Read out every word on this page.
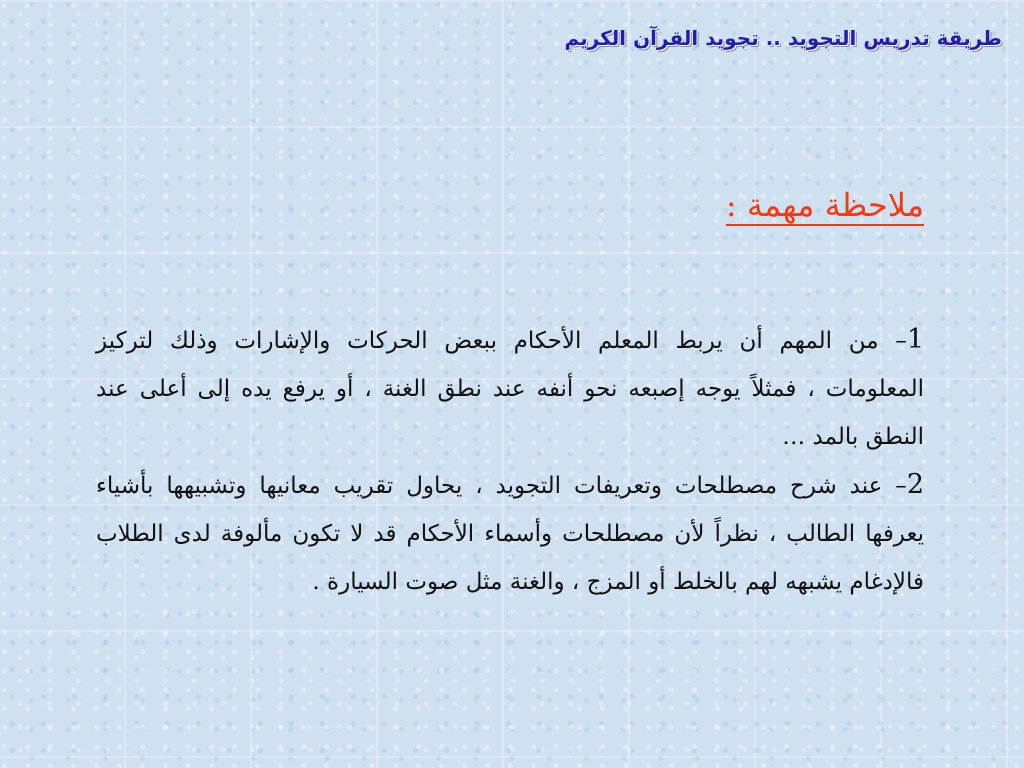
طريقة تدريس التجويد .. تجويد القرآن الكريم
ملاحظة مهمة :

1– من المهم أن يربط المعلم الأحكام ببعض الحركات والإشارات وذلك لتركيز المعلومات ، فمثلاً يوجه إصبعه نحو أنفه عند نطق الغنة ، أو يرفع يده إلى أعلى عند النطق بالمد …

2– عند شرح مصطلحات وتعريفات التجويد ، يحاول تقريب معانيها وتشبيهها بأشياء يعرفها الطالب ، نظراً لأن مصطلحات وأسماء الأحكام قد لا تكون مألوفة لدى الطلاب فالإدغام يشبهه لهم بالخلط أو المزج ، والغنة مثل صوت السيارة .
